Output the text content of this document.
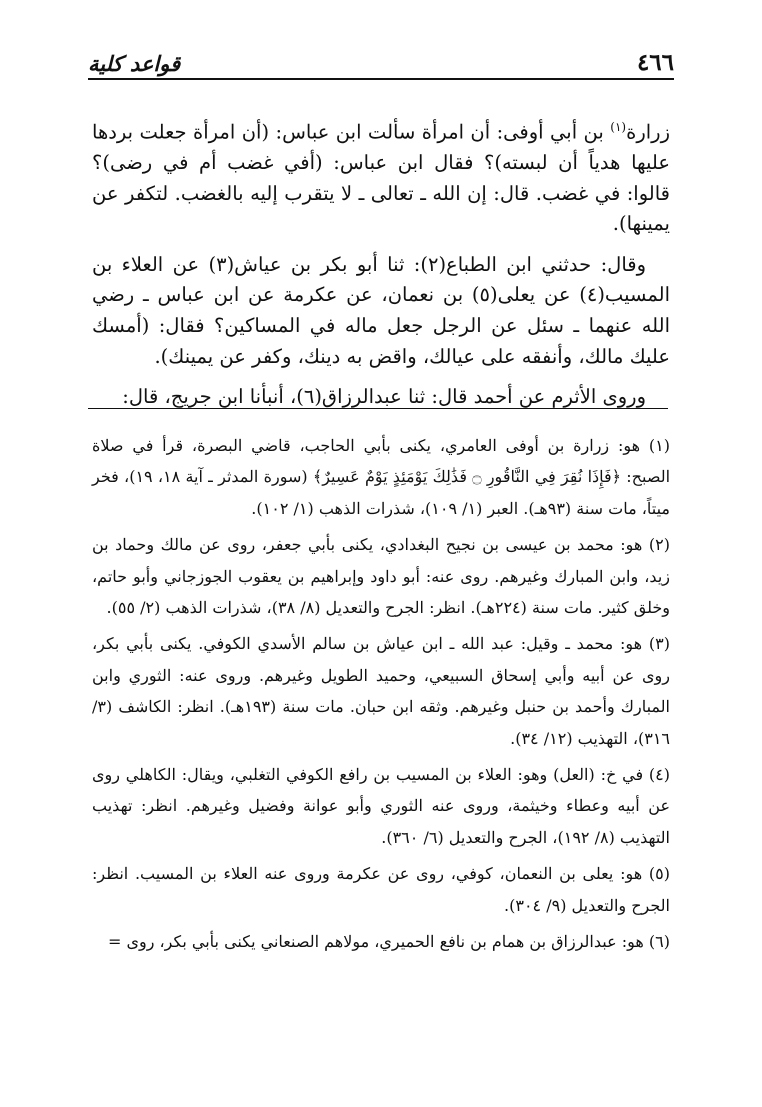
٤٦٦
قواعد كلية

زرارة$^{(١)}$ بن أبي أوفى: أن امرأة سألت ابن عباس: (أن امرأة جعلت بردها عليها هدياً أن لبسته)؟ فقال ابن عباس: (أفي غضب أم في رضى)؟ قالوا: في غضب. قال: إن الله ـ تعالى ـ لا يتقرب إليه بالغضب. لتكفر عن يمينها).

وقال: حدثني ابن الطباع(٢): ثنا أبو بكر بن عياش(٣) عن العلاء بن المسيب(٤) عن يعلى(٥) بن نعمان، عن عكرمة عن ابن عباس ـ رضي الله عنهما ـ سئل عن الرجل جعل ماله في المساكين؟ فقال: (أمسك عليك مالك، وأنفقه على عيالك، واقض به دينك، وكفر عن يمينك).

وروى الأثرم عن أحمد قال: ثنا عبدالرزاق(٦)، أنبأنا ابن جريج، قال:

(١) هو: زرارة بن أوفى العامري، يكنى بأبي الحاجب، قاضي البصرة، قرأ في صلاة الصبح: ﴿فَإِذَا نُقِرَ فِي النَّاقُورِ ۝ فَذَٰلِكَ يَوْمَئِذٍ يَوْمٌ عَسِيرٌ﴾ (سورة المدثر ـ آية ١٨، ١٩)، فخر ميتاً، مات سنة (٩٣هـ). العبر (١/ ١٠٩)، شذرات الذهب (١/ ١٠٢).

(٢) هو: محمد بن عيسى بن نجيح البغدادي، يكنى بأبي جعفر، روى عن مالك وحماد بن زيد، وابن المبارك وغيرهم. روى عنه: أبو داود وإبراهيم بن يعقوب الجوزجاني وأبو حاتم، وخلق كثير. مات سنة (٢٢٤هـ). انظر: الجرح والتعديل (٨/ ٣٨)، شذرات الذهب (٢/ ٥٥).

(٣) هو: محمد ـ وقيل: عبد الله ـ ابن عياش بن سالم الأسدي الكوفي. يكنى بأبي بكر، روى عن أبيه وأبي إسحاق السبيعي، وحميد الطويل وغيرهم. وروى عنه: الثوري وابن المبارك وأحمد بن حنبل وغيرهم. وثقه ابن حبان. مات سنة (١٩٣هـ). انظر: الكاشف (٣/ ٣١٦)، التهذيب (١٢/ ٣٤).

(٤) في خ: (العل) وهو: العلاء بن المسيب بن رافع الكوفي التغلبي، ويقال: الكاهلي روى عن أبيه وعطاء وخيثمة، وروى عنه الثوري وأبو عوانة وفضيل وغيرهم. انظر: تهذيب التهذيب (٨/ ١٩٢)، الجرح والتعديل (٦/ ٣٦٠).

(٥) هو: يعلى بن النعمان، كوفي، روى عن عكرمة وروى عنه العلاء بن المسيب. انظر: الجرح والتعديل (٩/ ٣٠٤).

(٦) هو: عبدالرزاق بن همام بن نافع الحميري، مولاهم الصنعاني يكنى بأبي بكر، روى =
